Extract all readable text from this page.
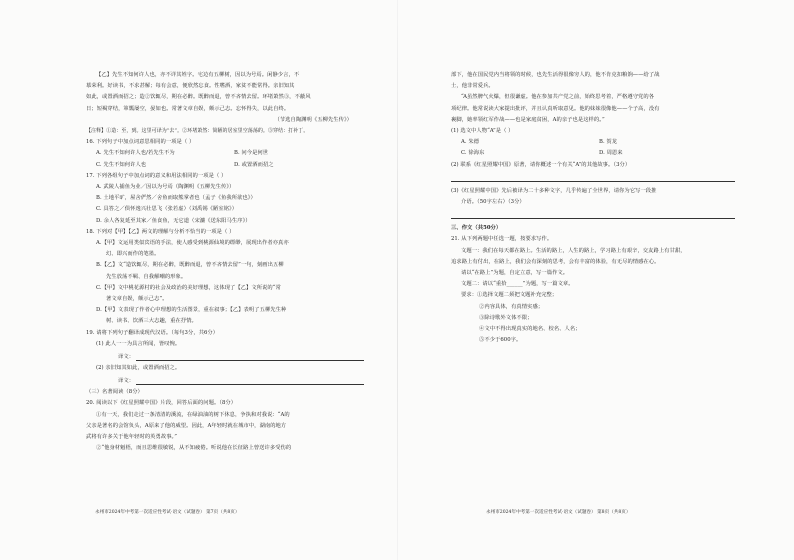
【乙】先生不知何许人也，亦不详其姓字。宅边有五柳树，因以为号焉。闲静少言，不
慕荣利。好读书，不求甚解；每有会意，便欣然忘食。性嗜酒，家贫不能常得。亲旧知其
如此，或置酒而招之；造②饮辄尽，期在必醉。既醉而退，曾不吝情去留。环堵萧然③，不蔽风
日；短褐穿结，箪瓢屡空，晏如也。常著文章自娱，颇示己志。忘怀得失，以此自终。
（节选自陶渊明《五柳先生传》）
【注释】①造：至，到。这里可译为“去”。②环堵萧然：简陋的居室里空荡荡的。③穿结：打补丁。
16. 下列句子中加点词意思相同的一项是（ ）
A. 先生不知何许人也/若先生不为	B. 问今是何世
C. 先生不知何许人也	D. 或置酒而招之
17. 下列各组句子中加点词的意义和用法相同的一项是（ ）
A. 武陵人捕鱼为业／因以为号焉（陶渊明《五柳先生传》）
B. 土地平旷，屋舍俨然／舍鱼而取熊掌者也（孟子《鱼我所欲也》）
C. 具答之／俱怀逸兴壮思飞（张若虚）（刘禹锡《陋室铭》）
D. 余人各复延至其家／鱼食鱼，无它道（宋濂《送东阳马生序》）
18. 下列对【甲】【乙】两文的理解与分析不恰当的一项是（ ）
A.【甲】文运用类似宾语的手法，使人感受到桃源仙境的缥缈，展现出作者亦真亦
幻、即兴而作的笔墨。
B.【乙】文“造饮辄尽，期在必醉，既醉而退，曾不吝情去留”一句，刻画出五柳
先生放荡不羁、自我解嘲的形象。
C.【甲】文中桃花源村的社会及政治的美好理想，这体现了【乙】文所说的“常
著文章自娱，颇示己志”。
D.【甲】文表现了作者心中理想的生活图景，重在叙事；【乙】表明了五柳先生种
树、读书、饮酒三大志趣，重在抒情。
19. 请将下列句子翻译成现代汉语。（每句3分，共6分）
(1) 此人一一为具言所闻，皆叹惋。
译文：
(2) 亲旧知其如此，或置酒而招之。
译文：
（三）名著阅读（8分）
20. 阅读以下《红星照耀中国》片段，回答后面的问题。（8分）
①有一天，我们走过一条清清的溪流，在绿油油的树下休息，争执和对我说：“A的
父亲是著名的会馆负头，A原来了他的威望。因此，A年轻时就在城市中，湖南的地方
武将有许多关于他年轻时的英勇故事。”
②“他身材魁梧，而且思维很敏锐，从不知疲倦。听说他在长征路上曾送许多受伤的
部下，他在国民党内当将领的时候，也先生活得很像穷人的，他不肯克扣粮饷——给了战
士，他非常爱兵。
“A虽然脾气火爆，但很谦虚。他在参加共产党之前，始终思考着，严格遵守党的各
项纪律。他常说读大家提出批评，并且认真听取意见。他的妹妹很像他——个子高，没有
裹脚，她率领红军作战——也是家庭贫困，A的亲子也是这样的。”
(1) 选文中人物“A”是（ ）
A. 朱德	B. 贺龙
C. 徐海东	D. 周恩来
(2) 联系《红星照耀中国》原著，请你概述一个有关“A”的其他故事。（3分）
(3)《红星照耀中国》先后被译为二十多种文字，几乎传遍了全世界，请你为它写一段推
介语。（50字左右）（3分）
三、作文（共50分）
21. 从下列两题中任选一题，按要求写作。
文题一：我们在每天都在路上。生活的路上，人生的路上，学习路上有艰辛，交友路上有甘甜，
追求路上有付出，在路上，我们会有深刻的思考，会有丰富的体验，有无尽的情感在心。
请以“在路上”为题，自定立意，写一篇作文。
文题二：请以“重拾______”为题，写一篇文章。
要求：①选择文题二须把文题补充完整；
②内容具体，有真情实感；
③除诗歌外文体不限；
④文中不得出现真实的地名、校名、人名；
⑤不少于600字。
永州市2024年中考第一次适应性考试·语文（试题卷） 第7页（共8页）	永州市2024年中考第一次适应性考试·语文（试题卷） 第8页（共8页）
